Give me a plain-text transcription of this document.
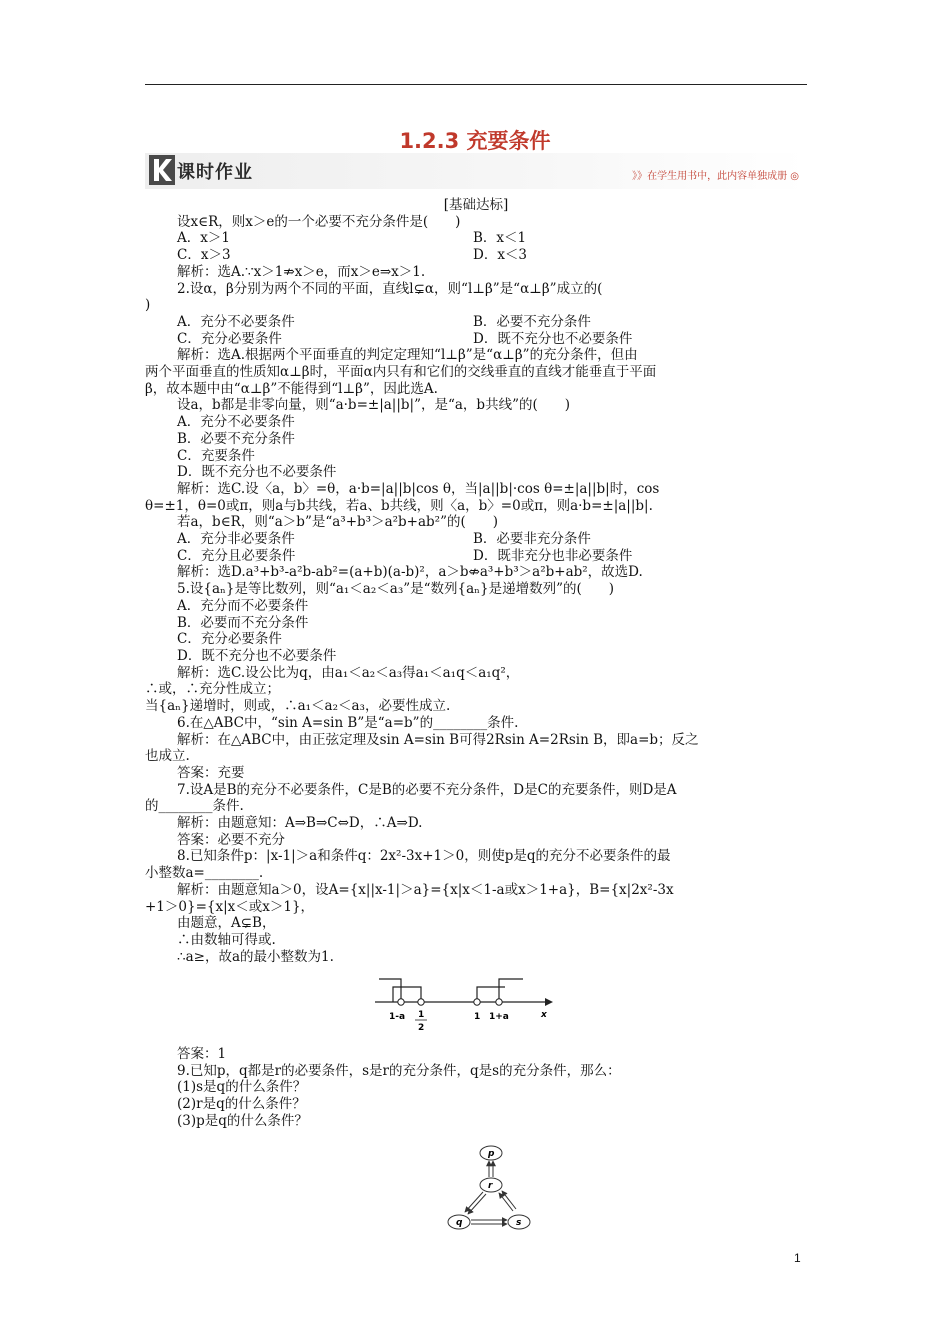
1.2.3 充要条件
课时作业	》》在学生用书中，此内容单独成册 ◎
[基础达标]
设x∈R，则x＞e的一个必要不充分条件是(　　)
A．x＞1	B．x＜1
C．x＞3	D．x＜3
解析：选A.∵x＞1⇏x＞e，而x＞e⇒x＞1.
2.设α，β分别为两个不同的平面，直线l⊊α，则“l⊥β”是“α⊥β”成立的(
)
A．充分不必要条件	B．必要不充分条件
C．充分必要条件	D．既不充分也不必要条件
解析：选A.根据两个平面垂直的判定定理知“l⊥β”是“α⊥β”的充分条件，但由
两个平面垂直的性质知α⊥β时，平面α内只有和它们的交线垂直的直线才能垂直于平面
β，故本题中由“α⊥β”不能得到“l⊥β”，因此选A.
设a，b都是非零向量，则“a·b=±|a||b|”，是“a，b共线”的(　　)
A．充分不必要条件
B．必要不充分条件
C．充要条件
D．既不充分也不必要条件
解析：选C.设〈a，b〉=θ，a·b=|a||b|cos θ，当|a||b|·cos θ=±|a||b|时，cos
θ=±1，θ=0或π，则a与b共线，若a、b共线，则〈a，b〉=0或π，则a·b=±|a||b|.
若a，b∈R，则“a＞b”是“a³+b³＞a²b+ab²”的(　　)
A．充分非必要条件	B．必要非充分条件
C．充分且必要条件	D．既非充分也非必要条件
解析：选D.a³+b³-a²b-ab²=(a+b)(a-b)²，a＞b⇎a³+b³＞a²b+ab²，故选D.
5.设{aₙ}是等比数列，则“a₁＜a₂＜a₃”是“数列{aₙ}是递增数列”的(　　)
A．充分而不必要条件
B．必要而不充分条件
C．充分必要条件
D．既不充分也不必要条件
解析：选C.设公比为q，由a₁＜a₂＜a₃得a₁＜a₁q＜a₁q²，
∴或，∴充分性成立；
当{aₙ}递增时，则或，∴a₁＜a₂＜a₃，必要性成立.
6.在△ABC中，“sin A=sin B”是“a=b”的________条件.
解析：在△ABC中，由正弦定理及sin A=sin B可得2Rsin A=2Rsin B，即a=b；反之
也成立.
答案：充要
7.设A是B的充分不必要条件，C是B的必要不充分条件，D是C的充要条件，则D是A
的________条件.
解析：由题意知：A⇒B⇒C⇔D，∴A⇒D.
答案：必要不充分
8.已知条件p：|x-1|＞a和条件q：2x²-3x+1＞0，则使p是q的充分不必要条件的最
小整数a=________.
解析：由题意知a＞0，设A={x||x-1|＞a}={x|x＜1-a或x＞1+a}，B={x|2x²-3x
+1＞0}={x|x＜或x＞1}，
由题意，A⊊B，
∴由数轴可得或.
∴a≥，故a的最小整数为1.
1-a 1
2
1 1+a	x
答案：1
9.已知p，q都是r的必要条件，s是r的充分条件，q是s的充分条件，那么：
(1)s是q的什么条件？
(2)r是q的什么条件？
(3)p是q的什么条件？
p
r
q	s
1
